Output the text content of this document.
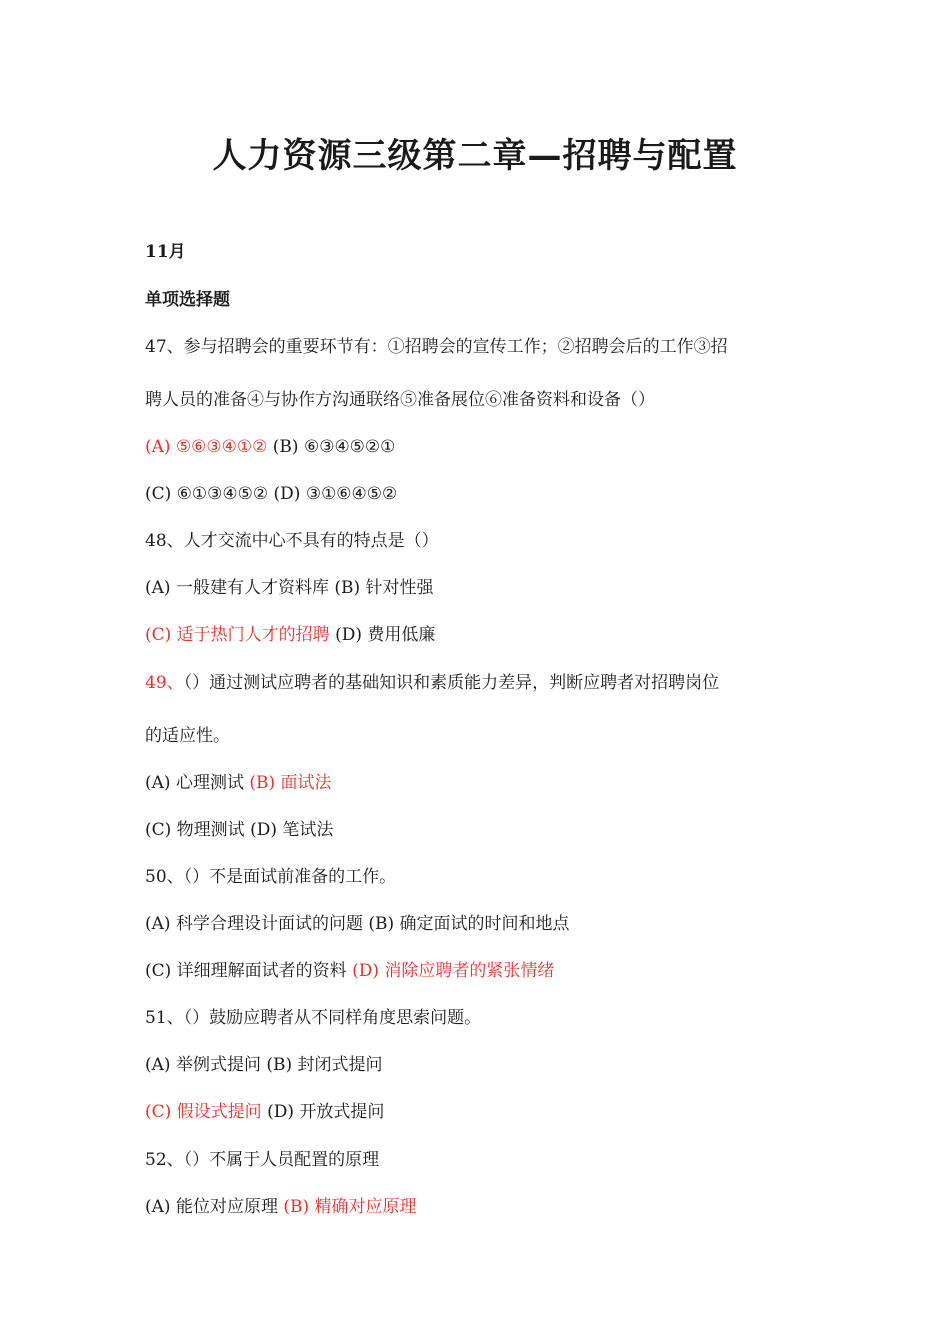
人力资源三级第二章—招聘与配置
11月
单项选择题
47、参与招聘会的重要环节有：①招聘会的宣传工作；②招聘会后的工作③招
聘人员的准备④与协作方沟通联络⑤准备展位⑥准备资料和设备（）
(A) ⑤⑥③④①② (B) ⑥③④⑤②①
(C) ⑥①③④⑤② (D) ③①⑥④⑤②
48、人才交流中心不具有的特点是（）
(A) 一般建有人才资料库 (B) 针对性强
(C) 适于热门人才的招聘 (D) 费用低廉
49、（）通过测试应聘者的基础知识和素质能力差异，判断应聘者对招聘岗位
的适应性。
(A) 心理测试 (B) 面试法
(C) 物理测试 (D) 笔试法
50、（）不是面试前准备的工作。
(A) 科学合理设计面试的问题 (B) 确定面试的时间和地点
(C) 详细理解面试者的资料 (D) 消除应聘者的紧张情绪
51、（）鼓励应聘者从不同样角度思索问题。
(A) 举例式提问 (B) 封闭式提问
(C) 假设式提问 (D) 开放式提问
52、（）不属于人员配置的原理
(A) 能位对应原理 (B) 精确对应原理
